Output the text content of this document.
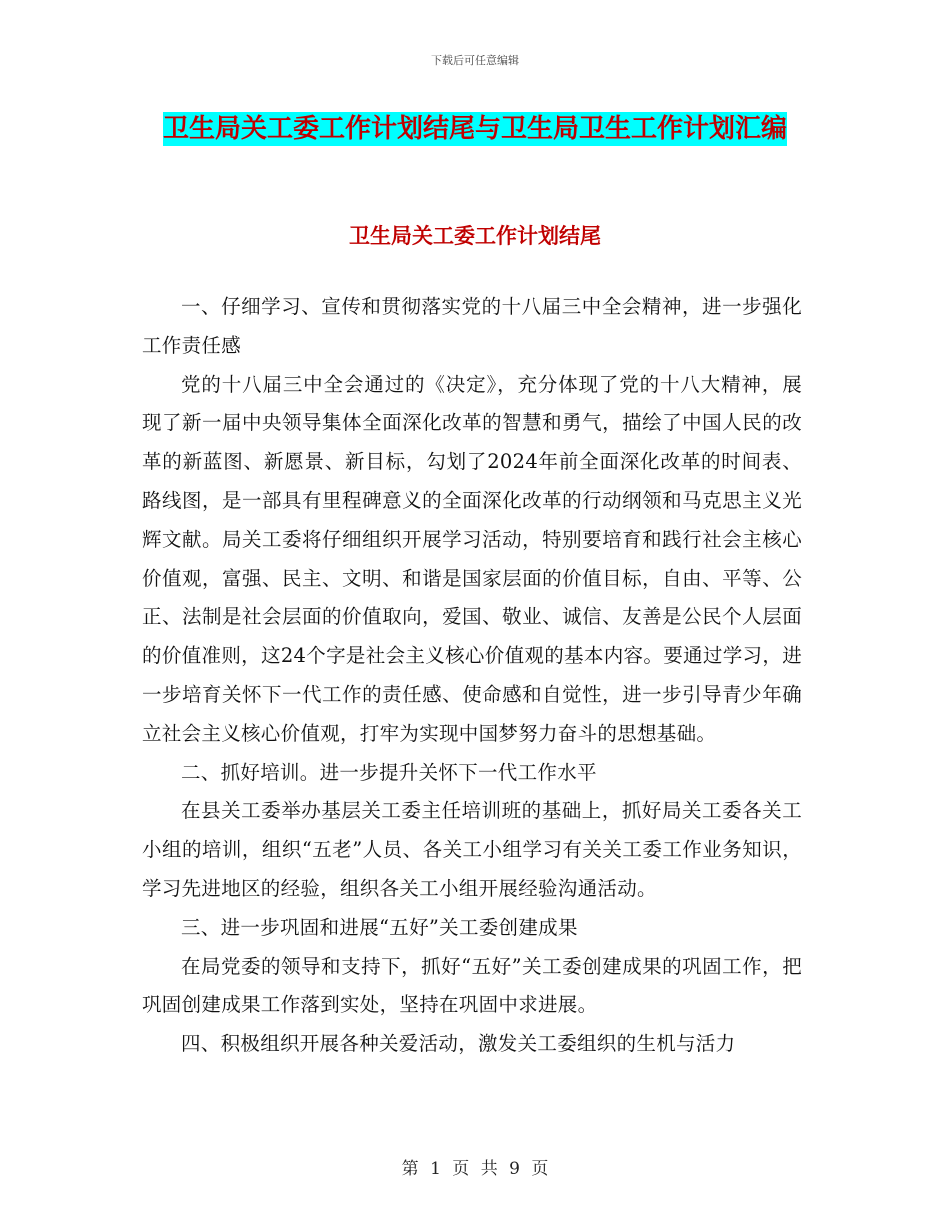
下载后可任意编辑
卫生局关工委工作计划结尾与卫生局卫生工作计划汇编
卫生局关工委工作计划结尾

一、仔细学习、宣传和贯彻落实党的十八届三中全会精神，进一步强化工作责任感

党的十八届三中全会通过的《决定》，充分体现了党的十八大精神，展现了新一届中央领导集体全面深化改革的智慧和勇气，描绘了中国人民的改革的新蓝图、新愿景、新目标，勾划了2024年前全面深化改革的时间表、路线图，是一部具有里程碑意义的全面深化改革的行动纲领和马克思主义光辉文献。局关工委将仔细组织开展学习活动，特别要培育和践行社会主核心价值观，富强、民主、文明、和谐是国家层面的价值目标，自由、平等、公正、法制是社会层面的价值取向，爱国、敬业、诚信、友善是公民个人层面的价值准则，这24个字是社会主义核心价值观的基本内容。要通过学习，进一步培育关怀下一代工作的责任感、使命感和自觉性，进一步引导青少年确立社会主义核心价值观，打牢为实现中国梦努力奋斗的思想基础。

二、抓好培训。进一步提升关怀下一代工作水平

在县关工委举办基层关工委主任培训班的基础上，抓好局关工委各关工小组的培训，组织“五老”人员、各关工小组学习有关关工委工作业务知识，学习先进地区的经验，组织各关工小组开展经验沟通活动。

三、进一步巩固和进展“五好”关工委创建成果

在局党委的领导和支持下，抓好“五好”关工委创建成果的巩固工作，把巩固创建成果工作落到实处，坚持在巩固中求进展。

四、积极组织开展各种关爱活动，激发关工委组织的生机与活力

第 1 页 共 9 页
